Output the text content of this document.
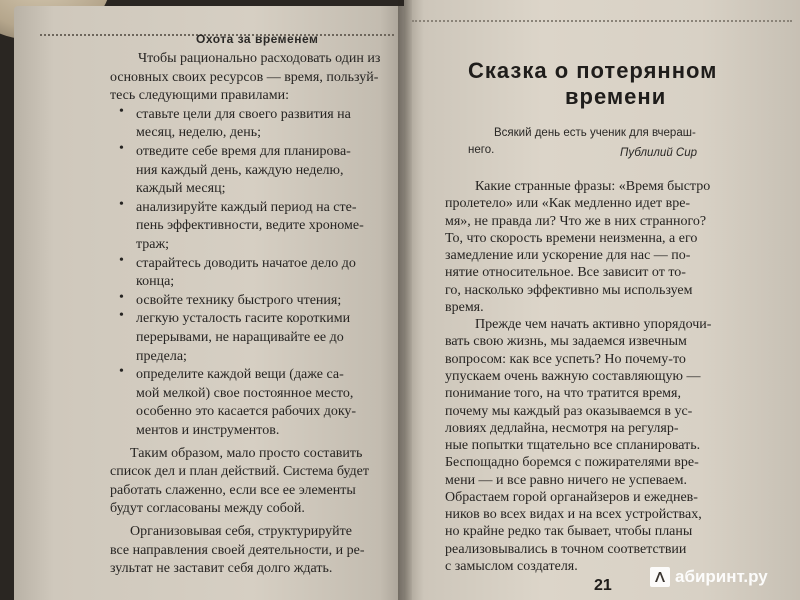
Охота за временем
Чтобы рационально расходовать один из
основных своих ресурсов — время, пользуй-
тесь следующими правилами:
• ставьте цели для своего развития на
месяц, неделю, день;
• отведите себе время для планирова-
ния каждый день, каждую неделю,
каждый месяц;
• анализируйте каждый период на сте-
пень эффективности, ведите хрономе-
траж;
• старайтесь доводить начатое дело до
конца;
• освойте технику быстрого чтения;
• легкую усталость гасите короткими
перерывами, не наращивайте ее до
предела;
• определите каждой вещи (даже са-
мой мелкой) свое постоянное место,
особенно это касается рабочих доку-
ментов и инструментов.
Сказка о потерянном
времени
Всякий день есть ученик для вчераш-
него.	Публилий Сир
Какие странные фразы: «Время быстро
пролетело» или «Как медленно идет вре-
мя», не правда ли? Что же в них странного?
То, что скорость времени неизменна, а его
замедление или ускорение для нас — по-
нятие относительное. Все зависит от то-
го, насколько эффективно мы используем
время.
Прежде чем начать активно упорядочи-
вать свою жизнь, мы задаемся извечным
вопросом: как все успеть? Но почему-то
упускаем очень важную составляющую —
понимание того, на что тратится время,
почему мы каждый раз оказываемся в ус-
ловиях дедлайна, несмотря на регуляр-
ные попытки тщательно все спланировать.
Беспощадно боремся с пожирателями вре-
мени — и все равно ничего не успеваем.
21	абиринт.ру
Таким образом, мало просто составить
список дел и план действий. Система будет
работать слаженно, если все ее элементы
будут согласованы между собой.
Организовывая себя, структурируйте
все направления своей деятельности, и ре-
зультат не заставит себя долго ждать.
Обрастаем горой органайзеров и ежеднев-
ников во всех видах и на всех устройствах,
но крайне редко так бывает, чтобы планы
реализовывались в точном соответствии
с замыслом создателя.
